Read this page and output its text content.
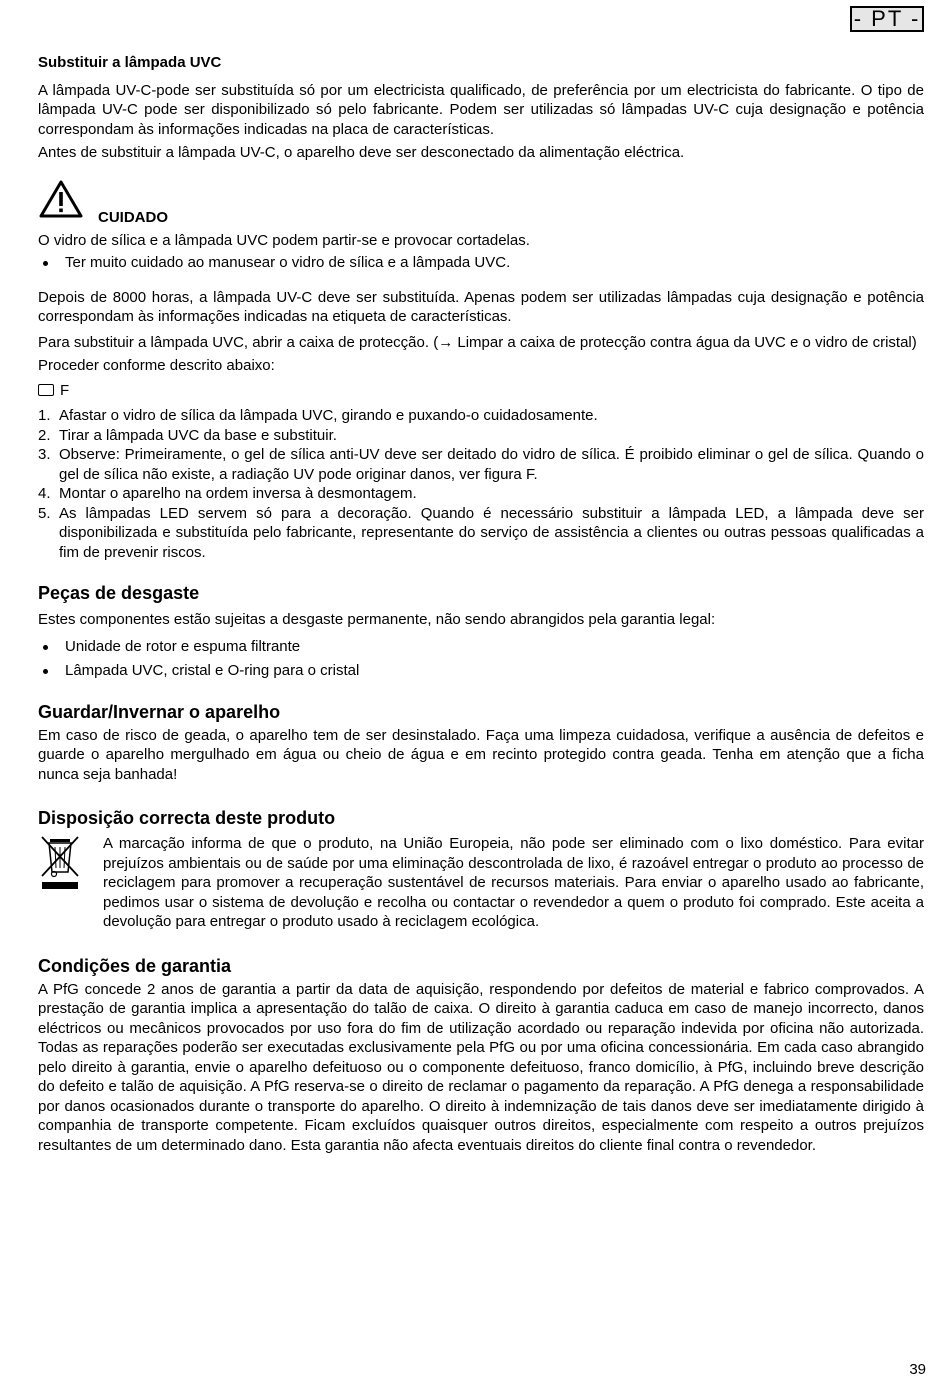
- PT -

Substituir a lâmpada UVC

A lâmpada UV-C-pode ser substituída só por um electricista qualificado, de preferência por um electricista do fabricante. O tipo de lâmpada UV-C pode ser disponibilizado só pelo fabricante. Podem ser utilizadas só lâmpadas UV-C cuja designação e potência correspondam às informações indicadas na placa de características.

Antes de substituir a lâmpada UV-C, o aparelho deve ser desconectado da alimentação eléctrica.

CUIDADO

O vidro de sílica e a lâmpada UVC podem partir-se e provocar cortadelas.

Ter muito cuidado ao manusear o vidro de sílica e a lâmpada UVC.

Depois de 8000 horas, a lâmpada UV-C deve ser substituída. Apenas podem ser utilizadas lâmpadas cuja designação e potência correspondam às informações indicadas na etiqueta de características.

Para substituir a lâmpada UVC, abrir a caixa de protecção. (→ Limpar a caixa de protecção contra água da UVC e o vidro de cristal)

Proceder conforme descrito abaixo:

F
1. Afastar o vidro de sílica da lâmpada UVC, girando e puxando-o cuidadosamente.
2. Tirar a lâmpada UVC da base e substituir.
3. Observe: Primeiramente, o gel de sílica anti-UV deve ser deitado do vidro de sílica. É proibido eliminar o gel de sílica. Quando o gel de sílica não existe, a radiação UV pode originar danos, ver figura F.
4. Montar o aparelho na ordem inversa à desmontagem.
5. As lâmpadas LED servem só para a decoração. Quando é necessário substituir a lâmpada LED, a lâmpada deve ser disponibilizada e substituída pelo fabricante, representante do serviço de assistência a clientes ou outras pessoas qualificadas a fim de prevenir riscos.

Peças de desgaste

Estes componentes estão sujeitas a desgaste permanente, não sendo abrangidos pela garantia legal:

Unidade de rotor e espuma filtrante
Lâmpada UVC, cristal e O-ring para o cristal

Guardar/Invernar o aparelho

Em caso de risco de geada, o aparelho tem de ser desinstalado. Faça uma limpeza cuidadosa, verifique a ausência de defeitos e guarde o aparelho mergulhado em água ou cheio de água e em recinto protegido contra geada. Tenha em atenção que a ficha nunca seja banhada!

Disposição correcta deste produto

A marcação informa de que o produto, na União Europeia, não pode ser eliminado com o lixo doméstico. Para evitar prejuízos ambientais ou de saúde por uma eliminação descontrolada de lixo, é razoável entregar o produto ao processo de reciclagem para promover a recuperação sustentável de recursos materiais. Para enviar o aparelho usado ao fabricante, pedimos usar o sistema de devolução e recolha ou contactar o revendedor a quem o produto foi comprado. Este aceita a devolução para entregar o produto usado à reciclagem ecológica.

Condições de garantia

A PfG concede 2 anos de garantia a partir da data de aquisição, respondendo por defeitos de material e fabrico comprovados. A prestação de garantia implica a apresentação do talão de caixa. O direito à garantia caduca em caso de manejo incorrecto, danos eléctricos ou mecânicos provocados por uso fora do fim de utilização acordado ou reparação indevida por oficina não autorizada. Todas as reparações poderão ser executadas exclusivamente pela PfG ou por uma oficina concessionária. Em cada caso abrangido pelo direito à garantia, envie o aparelho defeituoso ou o componente defeituoso, franco domicílio, à PfG, incluindo breve descrição do defeito e talão de aquisição. A PfG reserva-se o direito de reclamar o pagamento da reparação. A PfG denega a responsabilidade por danos ocasionados durante o transporte do aparelho. O direito à indemnização de tais danos deve ser imediatamente dirigido à companhia de transporte competente. Ficam excluídos quaisquer outros direitos, especialmente com respeito a outros prejuízos resultantes de um determinado dano. Esta garantia não afecta eventuais direitos do cliente final contra o revendedor.

39
